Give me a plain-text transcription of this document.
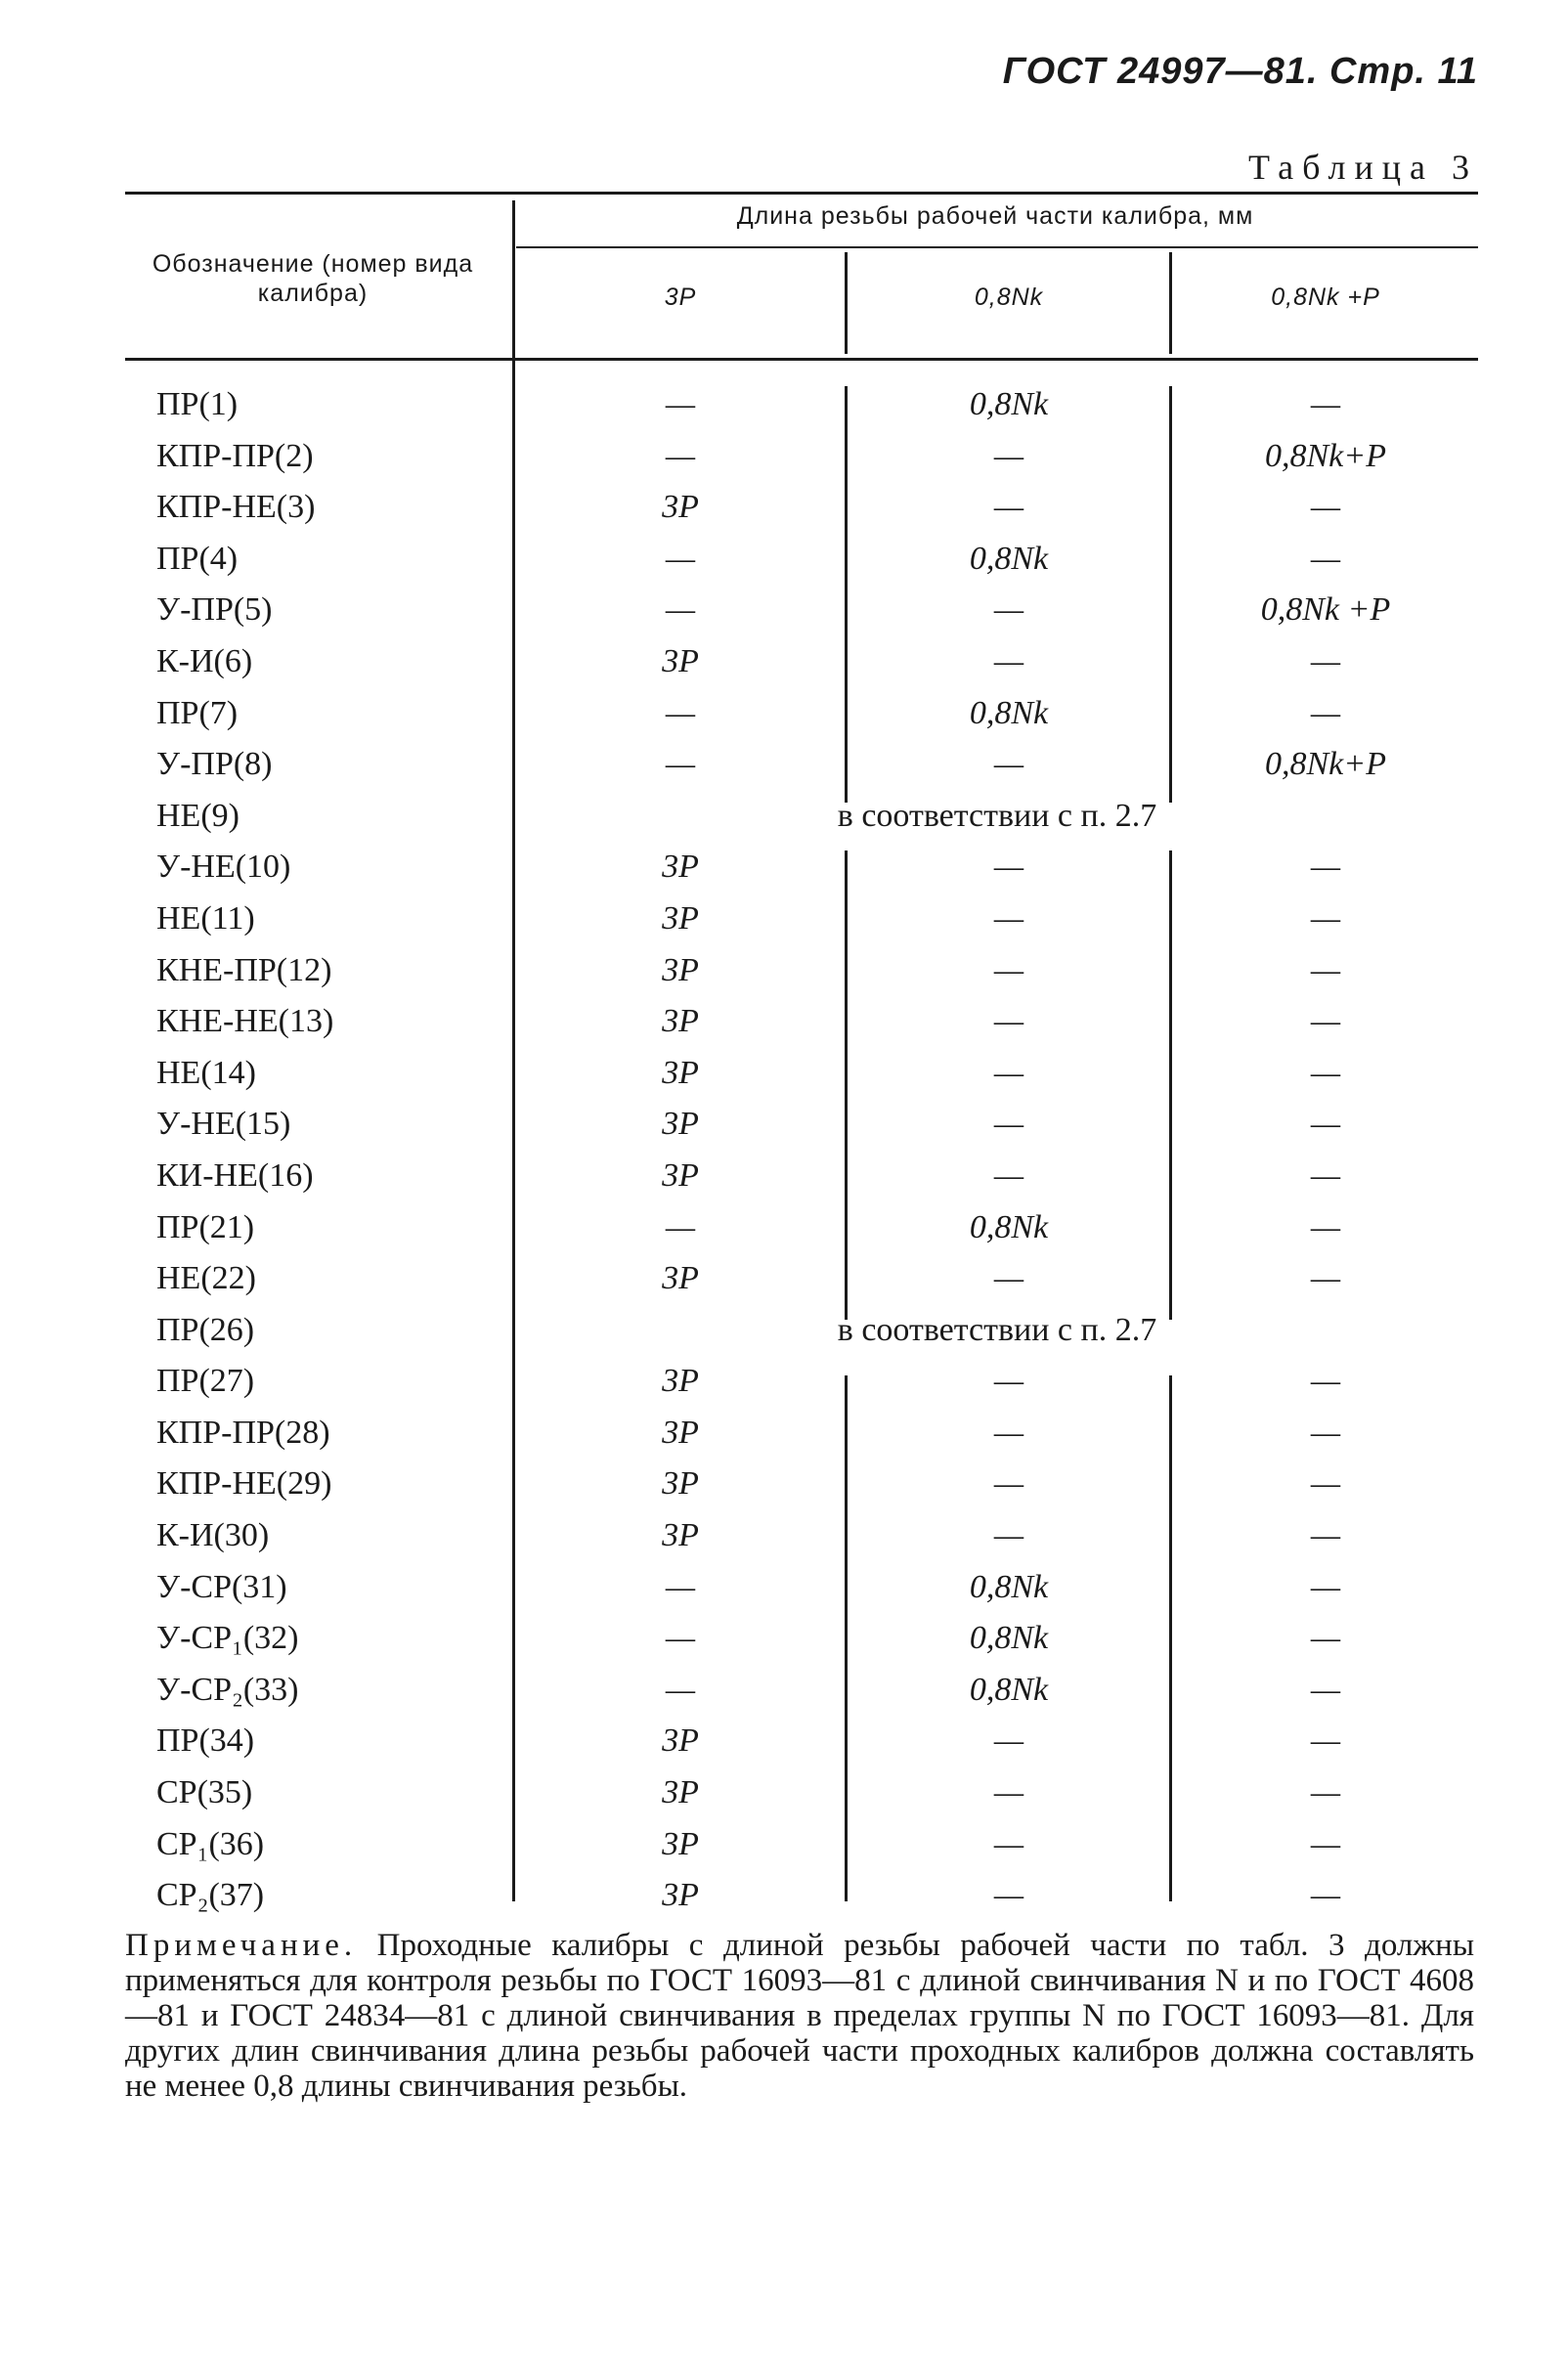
ГОСТ 24997—81. Стр. 11
Таблица 3
Обозначение (номер вида калибра)
Длина резьбы рабочей части калибра, мм
3P	0,8Nk	0,8Nk +P
ПР(1)	—	0,8Nk	—
КПР-ПР(2)	—	—	0,8Nk+P
КПР-НЕ(3)	3P	—	—
ПР(4)	—	0,8Nk	—
У-ПР(5)	—	—	0,8Nk +P
К-И(6)	3P	—	—
ПР(7)	—	0,8Nk	—
У-ПР(8)	—	—	0,8Nk+P
НЕ(9)	в соответствии с п. 2.7
У-НЕ(10)	3P	—	—
НЕ(11)	3P	—	—
КНЕ-ПР(12)	3P	—	—
КНЕ-НЕ(13)	3P	—	—
НЕ(14)	3P	—	—
У-НЕ(15)	3P	—	—
КИ-НЕ(16)	3P	—	—
ПР(21)	—	0,8Nk	—
НЕ(22)	3P	—	—
ПР(26)	в соответствии с п. 2.7
ПР(27)	3P	—	—
КПР-ПР(28)	3P	—	—
КПР-НЕ(29)	3P	—	—
К-И(30)	3P	—	—
У-СР(31)	—	0,8Nk	—
У-СР₁(32)	—	0,8Nk	—
У-СР₂(33)	—	0,8Nk	—
ПР(34)	3P	—	—
СР(35)	3P	—	—
СР₁(36)	3P	—	—
СР₂(37)	3P	—	—
Примечание. Проходные калибры с длиной резьбы рабочей части по табл. 3 должны применяться для контроля резьбы по ГОСТ 16093—81 с длиной свинчивания N и по ГОСТ 4608—81 и ГОСТ 24834—81 с длиной свинчивания в пределах группы N по ГОСТ 16093—81. Для других длин свинчивания длина резьбы рабочей части проходных калибров должна составлять не менее 0,8 длины свинчивания резьбы.
